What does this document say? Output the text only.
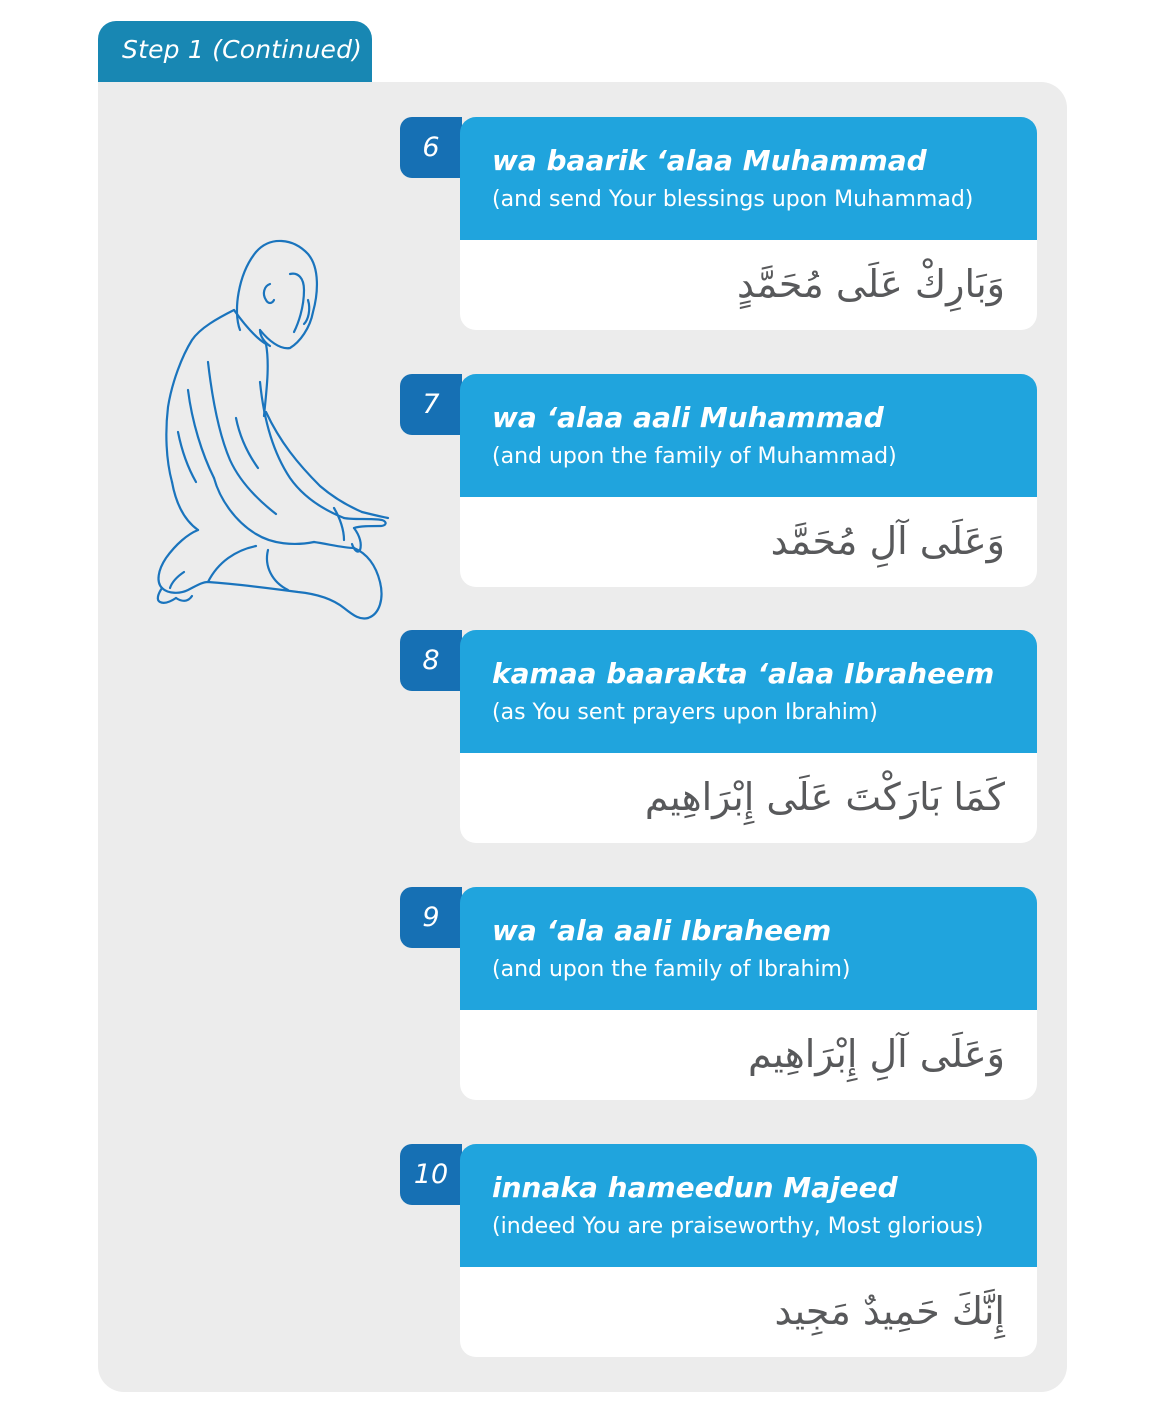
Step 1 (Continued)
6	wa baarik ‘alaa Muhammad
(and send Your blessings upon Muhammad)
وَبَارِكْ عَلَى مُحَمَّدٍ
7	wa ‘alaa aali Muhammad
(and upon the family of Muhammad)
وَعَلَى آلِ مُحَمَّد
8	kamaa baarakta ‘alaa Ibraheem
(as You sent prayers upon Ibrahim)
كَمَا بَارَكْتَ عَلَى إِبْرَاهِيم
9	wa ‘ala aali Ibraheem
(and upon the family of Ibrahim)
وَعَلَى آلِ إِبْرَاهِيم
10	innaka hameedun Majeed
(indeed You are praiseworthy, Most glorious)
إِنَّكَ حَمِيدٌ مَجِيد
